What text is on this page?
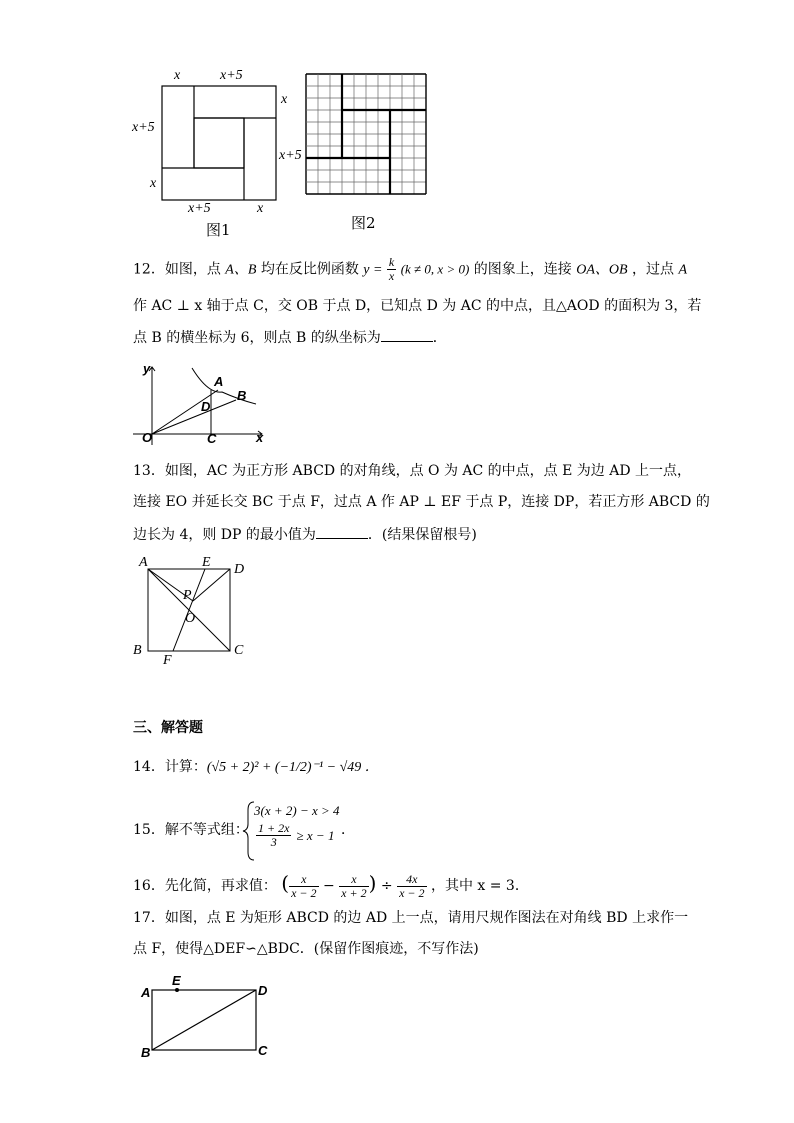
x	x+5
x
x+5
x
x+5	x
图1
x+5
图2
12．如图，点 A、B 均在反比例函数 $y = \frac{k}{x} (k \ne 0$, x > 0) 的图象上，连接 OA、OB ，过点 A
作 AC ⊥ x 轴于点 C，交 OB 于点 D，已知点 D 为 AC 的中点，且△AOD 的面积为 3，若
点 B 的横坐标为 6，则点 B 的纵坐标为	．
y
x
O	C
A
D
B
13．如图，AC 为正方形 ABCD 的对角线，点 O 为 AC 的中点，点 E 为边 AD 上一点，
连接 EO 并延长交 BC 于点 F，过点 A 作 AP ⊥ EF 于点 P，连接 DP，若正方形 ABCD 的
边长为 4，则 DP 的最小值为	．(结果保留根号)
A	E D
P
O
B
F
C
三、解答题
14．计算：(√5 + 2)² + (−1/2)⁻¹ − √49 ．
15．解不等式组：
3(x + 2) − x > 4
$\frac{1 + 2x}{3} \ge x - 1$ ．
16．先化简，再求值： ( $\frac{x}{x - 2} - \frac{x}{x + 2}$ ) ÷ $\frac{4x}{x - 2}$ ，其中 x = 3．
17．如图，点 E 为矩形 ABCD 的边 AD 上一点，请用尺规作图法在对角线 BD 上求作一
点 F，使得△DEF∽△BDC．(保留作图痕迹，不写作法)
A
E
D
B	C
